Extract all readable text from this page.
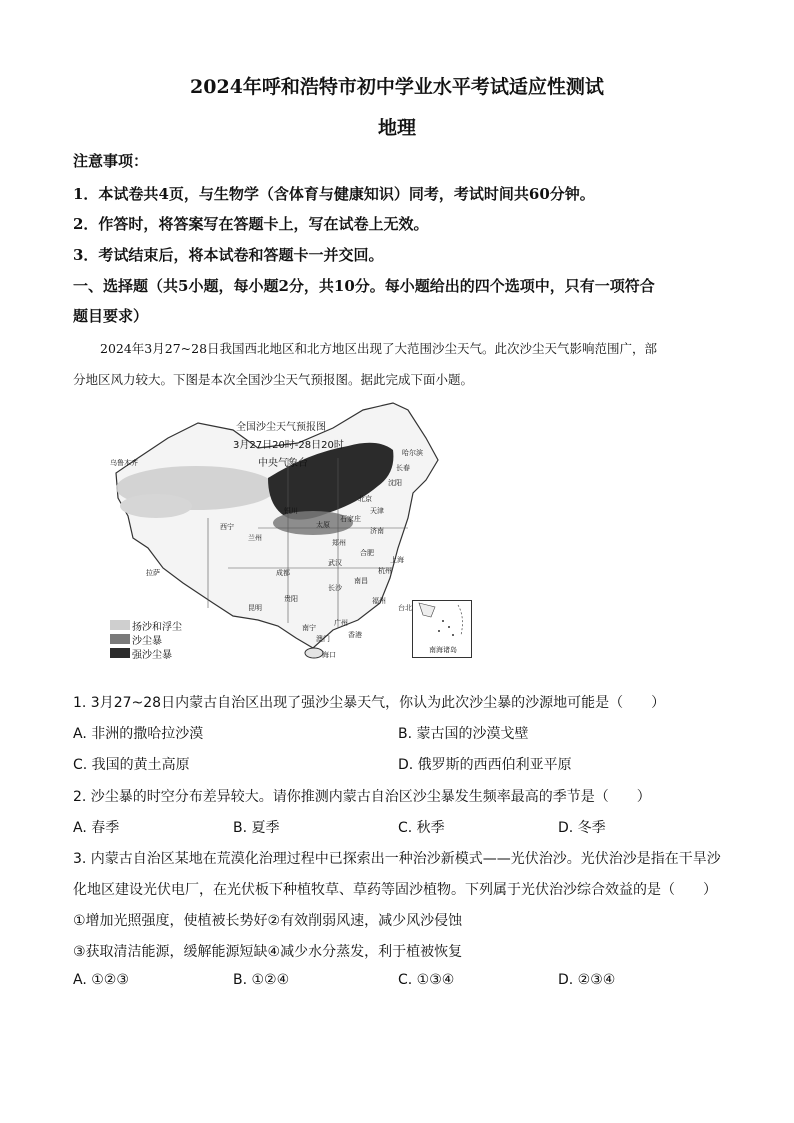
2024年呼和浩特市初中学业水平考试适应性测试
地理
注意事项：
1．本试卷共4页，与生物学（含体育与健康知识）同考，考试时间共60分钟。
2．作答时，将答案写在答题卡上，写在试卷上无效。
3．考试结束后，将本试卷和答题卡一并交回。
一、选择题（共5小题，每小题2分，共10分。每小题给出的四个选项中，只有一项符合
题目要求）
2024年3月27~28日我国西北地区和北方地区出现了大范围沙尘天气。此次沙尘天气影响范围广，部
分地区风力较大。下图是本次全国沙尘天气预报图。据此完成下面小题。
全国沙尘天气预报图
3月27日20时-28日20时
中央气象台
扬沙和浮尘
沙尘暴
强沙尘暴
乌鲁木齐
哈尔滨
长春
沈阳
北京
天津
石家庄
太原
济南
西宁
兰州
银川
郑州
拉萨	成都
武汉
合肥
上海
杭州
长沙
南昌
贵阳
昆明
福州
台北
广州
南宁
香港
澳门
海口
南海诸岛
1. 3月27~28日内蒙古自治区出现了强沙尘暴天气，你认为此次沙尘暴的沙源地可能是（　　）
A. 非洲的撒哈拉沙漠	B. 蒙古国的沙漠戈壁
C. 我国的黄土高原	D. 俄罗斯的西西伯利亚平原
2. 沙尘暴的时空分布差异较大。请你推测内蒙古自治区沙尘暴发生频率最高的季节是（　　）
A. 春季	B. 夏季	C. 秋季	D. 冬季
3. 内蒙古自治区某地在荒漠化治理过程中已探索出一种治沙新模式——光伏治沙。光伏治沙是指在干旱沙
化地区建设光伏电厂，在光伏板下种植牧草、草药等固沙植物。下列属于光伏治沙综合效益的是（　　）
①增加光照强度，使植被长势好②有效削弱风速，减少风沙侵蚀
③获取清洁能源，缓解能源短缺④减少水分蒸发，利于植被恢复
A. ①②③	B. ①②④	C. ①③④	D. ②③④
